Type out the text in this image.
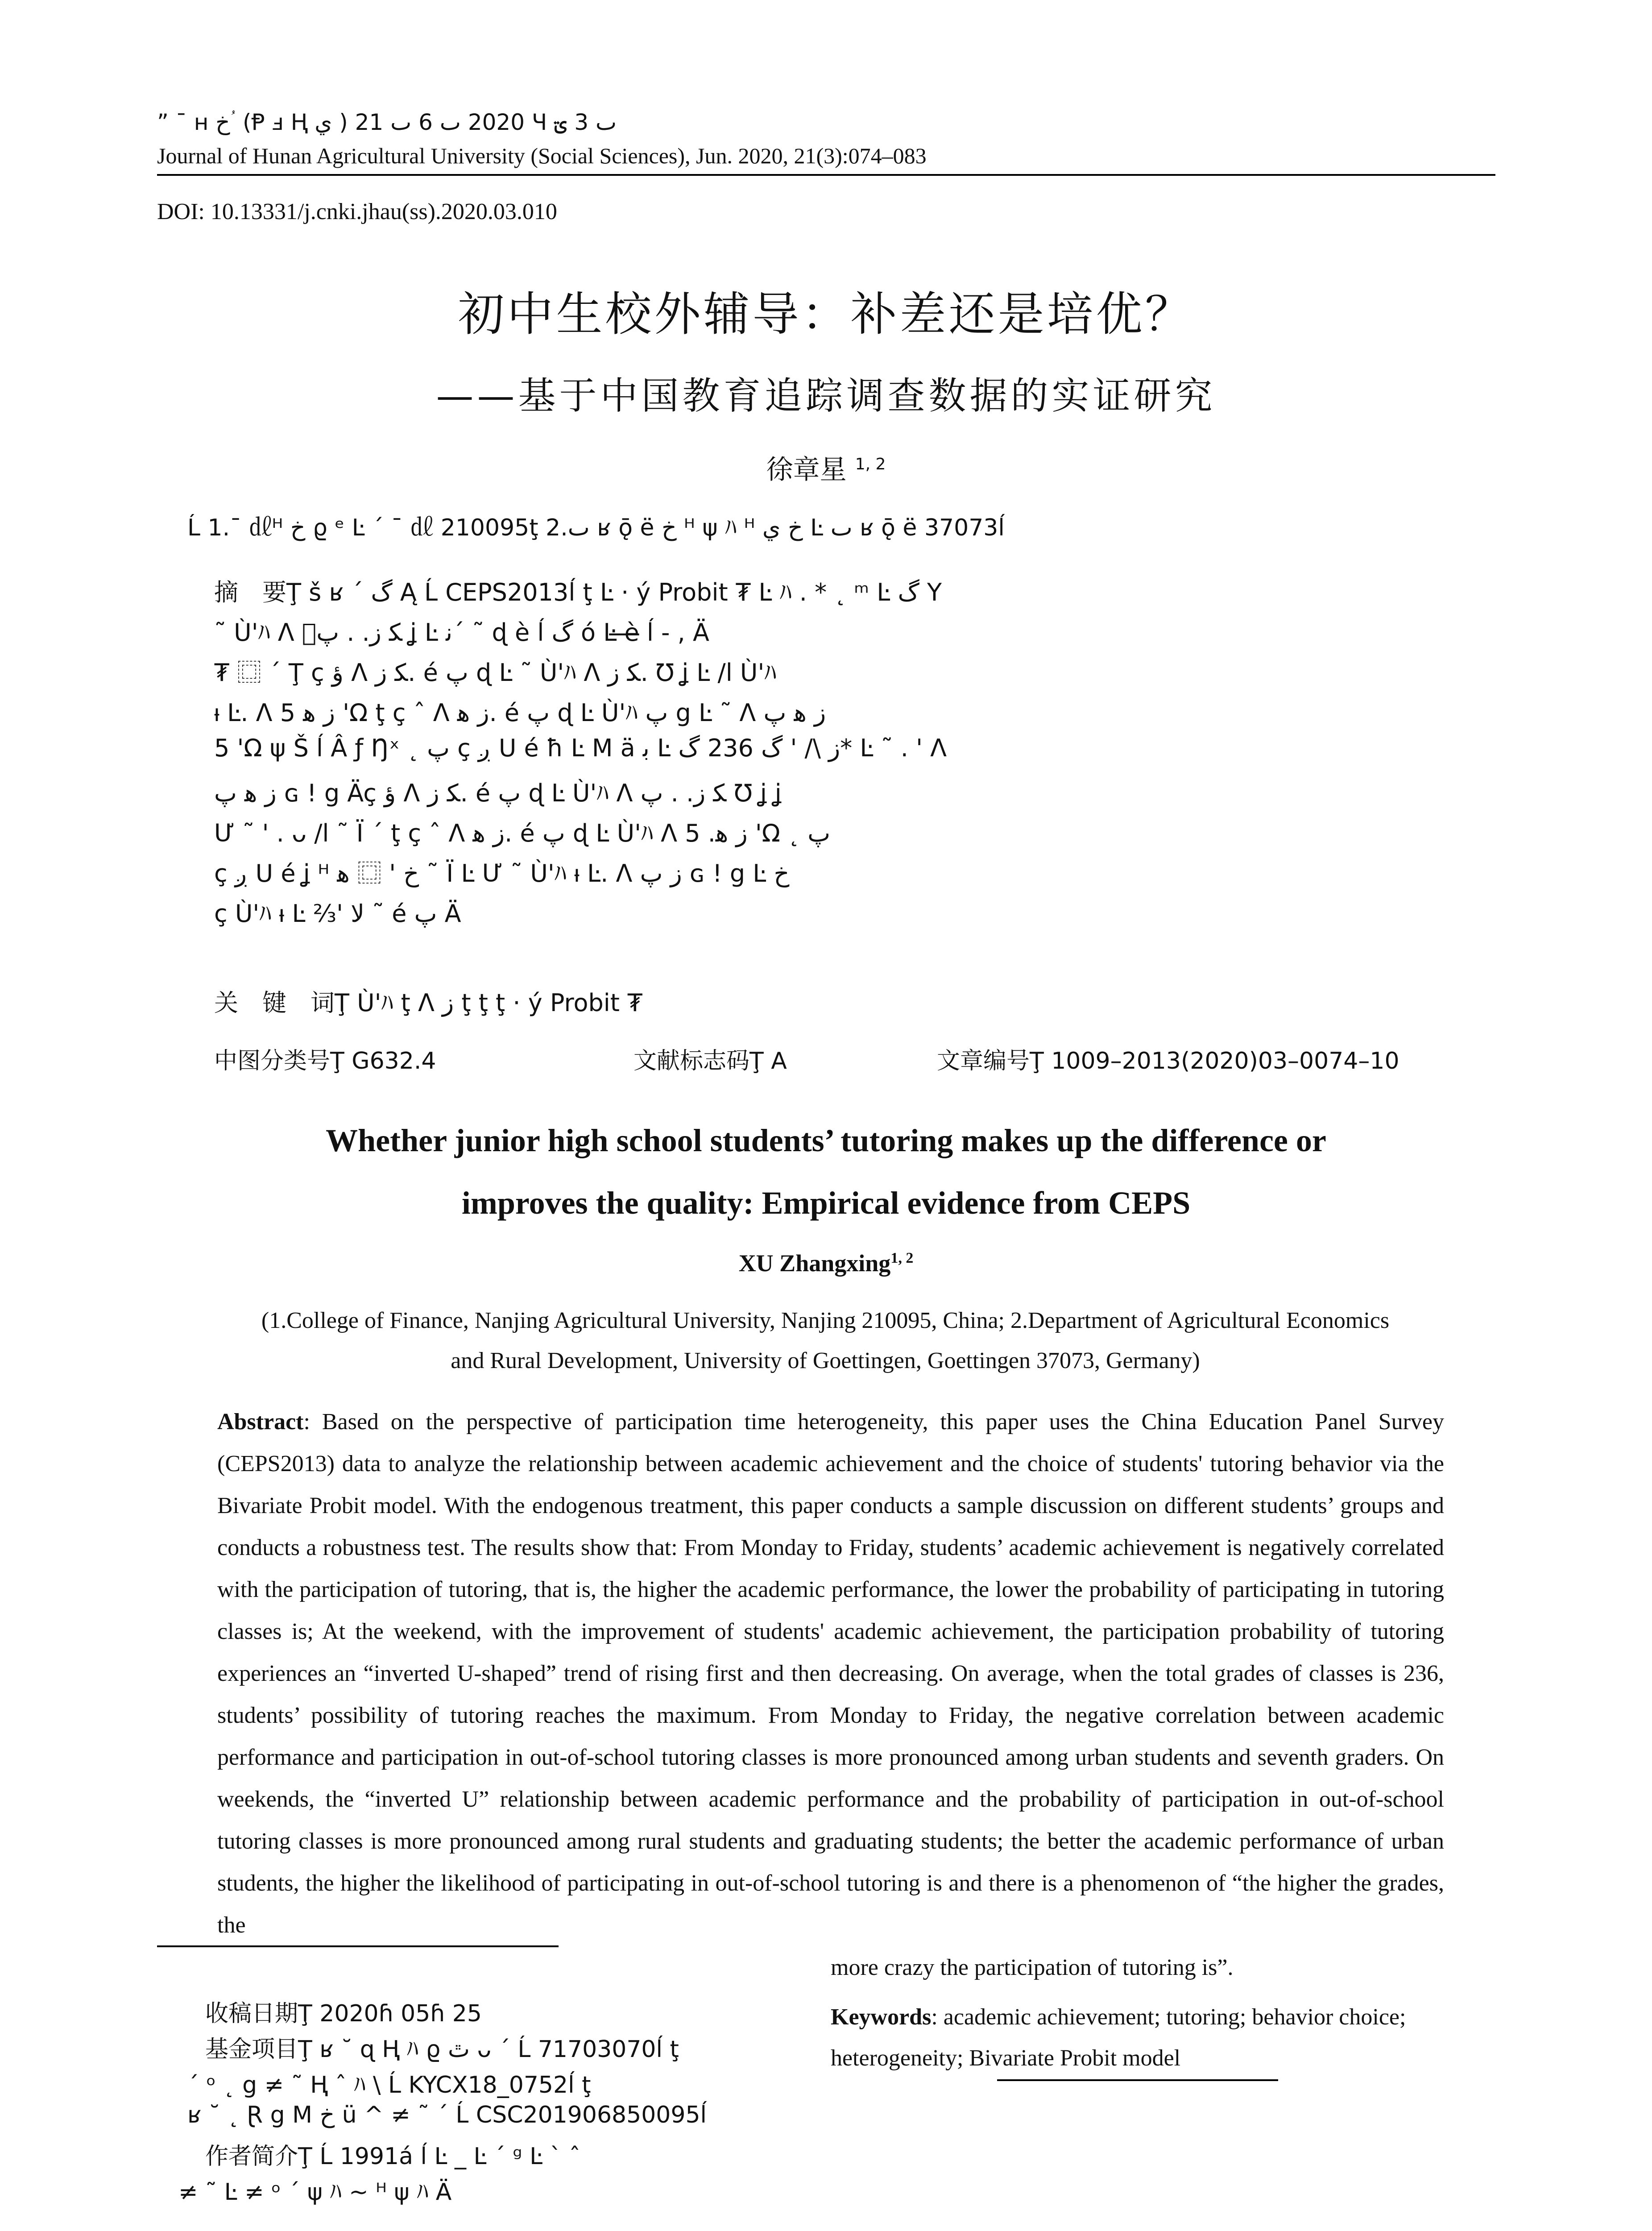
” ¯ ʜ خ ؙ (Ᵽ ⅎ Ⱨ ي ) 2020 ٮ 6 ٮ 21 Ɥ ٮ 3 ؾ
Journal of Hunan Agricultural University (Social Sciences), Jun. 2020, 21(3):074–083
DOI: 10.13331/j.cnki.jhau(ss).2020.03.010
初中生校外辅导：补差还是培优？
——基于中国教育追踪调查数据的实证研究
徐章星 $^{1, 2}$
Ĺ 1.¯ ㎗ᴴ خ ϱ ᵉ Ŀ ´ ¯ ㎗ 210095ţ 2.ٮ ʁ ǭ ë خ ᴴ ψ ﾊ ᴴ خ ي Ŀ ٮ ʁ ǭ ë 37073ĺ
摘　要Ţ š ʁ ´ گ Ą Ĺ CEPS2013ĺ ţ Ŀ · ý Probit ₮ Ŀ ﾊ . * ˛ ᵐ Ŀ گ Y
˜ Ù'ﾊ Λ ﻜ ﺯ. . پٜ ʝ Ŀ ﻧ´ ˜ ɖ è ĺ گ ó Ŀ ̶è̶ ĺ - , Ä
₮ ⿴ ´ Ţ ç ؤ Λ ﻜ ﺯ. é پ ɖ Ŀ ˜ Ù'ﾊ Λ ﻜ ﺯ. Ʊ ʝ Ŀ /l Ù'ﾊ
ᵼ Ŀ. Λ ﺯ ﻫ 5 'Ω ţ ç ˆ Λ ﺯ ﻫ. é پ ɖ Ŀ Ù'ﾊ پ g Ŀ ˜ Λ ﺯ ﻫ پ
5 'Ω ψ Š ĺ Â ƒ Ŋˣ ˛ پ ç ږ U é ħ Ŀ M ä ﺑ Ŀ ﺯ \/ ' گ 236 گ* Ŀ ˜ . ' Λ
ﺯ ﻫ پ ɢ ! g Äç ؤ Λ ﻜ ﺯ. é پ ɖ Ŀ Ù'ﾊ Λ ﻜ ﺯ. . پ Ʊ ʝ ʝ
Ư ˜ ' . ᴗ /l ˜ Ï ´ ţ ç ˆ Λ ﺯ ﻫ. é پ ɖ Ŀ Ù'ﾊ Λ ﺯ ﻫ. 5 'Ω ˛ پ
ç ږ U é ʝ ᴴ خ ' ⿴ ﻫ ˜ Ï Ŀ Ư ˜ Ù'ﾊ ᵼ Ŀ. Λ ﺯ پ ɢ ! g Ŀ خ
ç Ù'ﾊ ᵼ Ŀ ⅔' ﻻ ˜ é پ Ä
关　键　词Ţ Ù'ﾊ ţ Λ ﺯ ţ ţ ţ · ý Probit ₮
中图分类号Ţ G632.4	文献标志码Ţ A	文章编号Ţ 1009–2013(2020)03–0074–10
Whether junior high school students’ tutoring makes up the difference or
improves the quality: Empirical evidence from CEPS
XU Zhangxing$^{1, 2}$
(1.College of Finance, Nanjing Agricultural University, Nanjing 210095, China; 2.Department of Agricultural Economics
and Rural Development, University of Goettingen, Goettingen 37073, Germany)
Abstract: Based on the perspective of participation time heterogeneity, this paper uses the China Education Panel Survey (CEPS2013) data to analyze the relationship between academic achievement and the choice of students' tutoring behavior via the Bivariate Probit model. With the endogenous treatment, this paper conducts a sample discussion on different students’ groups and conducts a robustness test. The results show that: From Monday to Friday, students’ academic achievement is negatively correlated with the participation of tutoring, that is, the higher the academic performance, the lower the probability of participating in tutoring classes is; At the weekend, with the improvement of students' academic achievement, the participation probability of tutoring experiences an “inverted U-shaped” trend of rising first and then decreasing. On average, when the total grades of classes is 236, students’ possibility of tutoring reaches the maximum. From Monday to Friday, the negative correlation between academic performance and participation in out-of-school tutoring classes is more pronounced among urban students and seventh graders. On weekends, the “inverted U” relationship between academic performance and the probability of participation in out-of-school tutoring classes is more pronounced among rural students and graduating students; the better the academic performance of urban students, the higher the likelihood of participating in out-of-school tutoring is and there is a phenomenon of “the higher the grades, the
more crazy the participation of tutoring is”.
收稿日期Ţ 2020ɦ 05ɦ 25
基金项目Ţ ʁ ˘ ɋ Ⱨ ﾊ ϱ ٿ ᴗ ´ Ĺ 71703070ĺ ţ
´ ᵒ ˛ g ≠ ˜ Ⱨ ˆ ﾊ \ Ĺ KYCX18_0752ĺ ţ
ʁ ˘ ˛ Ɽ g M خ ü ^ ≠ ˜ ´ Ĺ CSC201906850095ĺ
作者简介Ţ Ĺ 1991á ĺ Ŀ _ Ŀ ´ ᵍ Ŀ ` ˆ
≠ ˜ Ŀ ≠ ᵒ ´ ψ ﾊ ~ ᴴ ψ ﾊ Ä
Keywords: academic achievement; tutoring; behavior choice; heterogeneity; Bivariate Probit model
